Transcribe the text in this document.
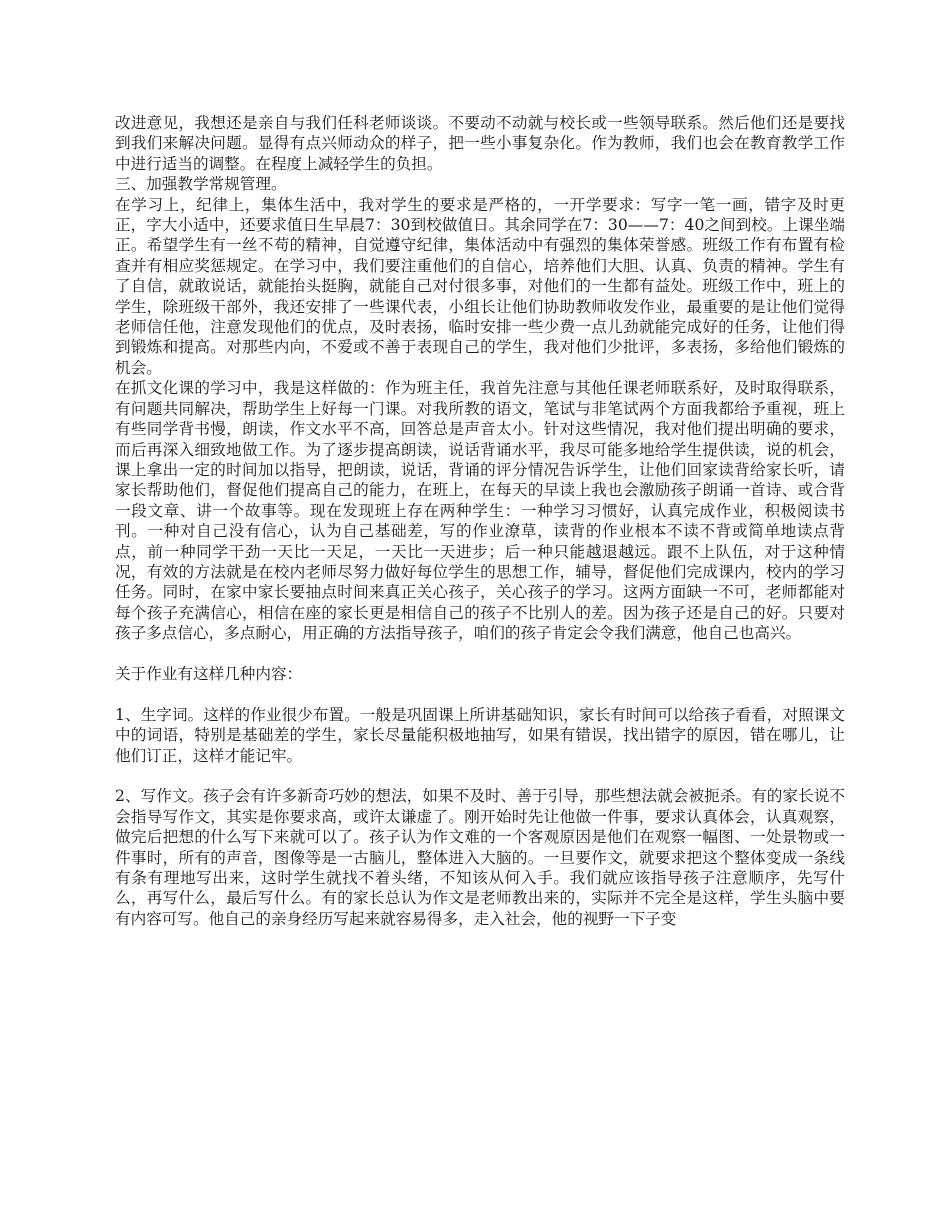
改进意见，我想还是亲自与我们任科老师谈谈。不要动不动就与校长或一些领导联系。然后他们还是要找到我们来解决问题。显得有点兴师动众的样子，把一些小事复杂化。作为教师，我们也会在教育教学工作中进行适当的调整。在程度上减轻学生的负担。

三、加强教学常规管理。

在学习上，纪律上，集体生活中，我对学生的要求是严格的，一开学要求：写字一笔一画，错字及时更正，字大小适中，还要求值日生早晨7：30到校做值日。其余同学在7：30——7：40之间到校。上课坐端正。希望学生有一丝不苟的精神，自觉遵守纪律，集体活动中有强烈的集体荣誉感。班级工作有布置有检查并有相应奖惩规定。在学习中，我们要注重他们的自信心，培养他们大胆、认真、负责的精神。学生有了自信，就敢说话，就能抬头挺胸，就能自己对付很多事，对他们的一生都有益处。班级工作中，班上的学生，除班级干部外，我还安排了一些课代表，小组长让他们协助教师收发作业，最重要的是让他们觉得老师信任他，注意发现他们的优点，及时表扬，临时安排一些少费一点儿劲就能完成好的任务，让他们得到锻炼和提高。对那些内向，不爱或不善于表现自己的学生，我对他们少批评，多表扬，多给他们锻炼的机会。

在抓文化课的学习中，我是这样做的：作为班主任，我首先注意与其他任课老师联系好，及时取得联系，有问题共同解决，帮助学生上好每一门课。对我所教的语文，笔试与非笔试两个方面我都给予重视，班上有些同学背书慢，朗读，作文水平不高，回答总是声音太小。针对这些情况，我对他们提出明确的要求，而后再深入细致地做工作。为了逐步提高朗读，说话背诵水平，我尽可能多地给学生提供读，说的机会，课上拿出一定的时间加以指导，把朗读，说话，背诵的评分情况告诉学生，让他们回家读背给家长听，请家长帮助他们，督促他们提高自己的能力，在班上，在每天的早读上我也会激励孩子朗诵一首诗、或合背一段文章、讲一个故事等。现在发现班上存在两种学生：一种学习习惯好，认真完成作业，积极阅读书刊。一种对自己没有信心，认为自己基础差，写的作业潦草，读背的作业根本不读不背或简单地读点背点，前一种同学干劲一天比一天足，一天比一天进步；后一种只能越退越远。跟不上队伍，对于这种情况，有效的方法就是在校内老师尽努力做好每位学生的思想工作，辅导，督促他们完成课内，校内的学习任务。同时，在家中家长要抽点时间来真正关心孩子，关心孩子的学习。这两方面缺一不可，老师都能对每个孩子充满信心，相信在座的家长更是相信自己的孩子不比别人的差。因为孩子还是自己的好。只要对孩子多点信心，多点耐心，用正确的方法指导孩子，咱们的孩子肯定会令我们满意，他自己也高兴。

关于作业有这样几种内容：

1、生字词。这样的作业很少布置。一般是巩固课上所讲基础知识，家长有时间可以给孩子看看，对照课文中的词语，特别是基础差的学生，家长尽量能积极地抽写，如果有错误，找出错字的原因，错在哪儿，让他们订正，这样才能记牢。

2、写作文。孩子会有许多新奇巧妙的想法，如果不及时、善于引导，那些想法就会被扼杀。有的家长说不会指导写作文，其实是你要求高，或许太谦虚了。刚开始时先让他做一件事，要求认真体会，认真观察，做完后把想的什么写下来就可以了。孩子认为作文难的一个客观原因是他们在观察一幅图、一处景物或一件事时，所有的声音，图像等是一古脑儿，整体进入大脑的。一旦要作文，就要求把这个整体变成一条线有条有理地写出来，这时学生就找不着头绪，不知该从何入手。我们就应该指导孩子注意顺序，先写什么，再写什么，最后写什么。有的家长总认为作文是老师教出来的，实际并不完全是这样，学生头脑中要有内容可写。他自己的亲身经历写起来就容易得多，走入社会，他的视野一下子变
